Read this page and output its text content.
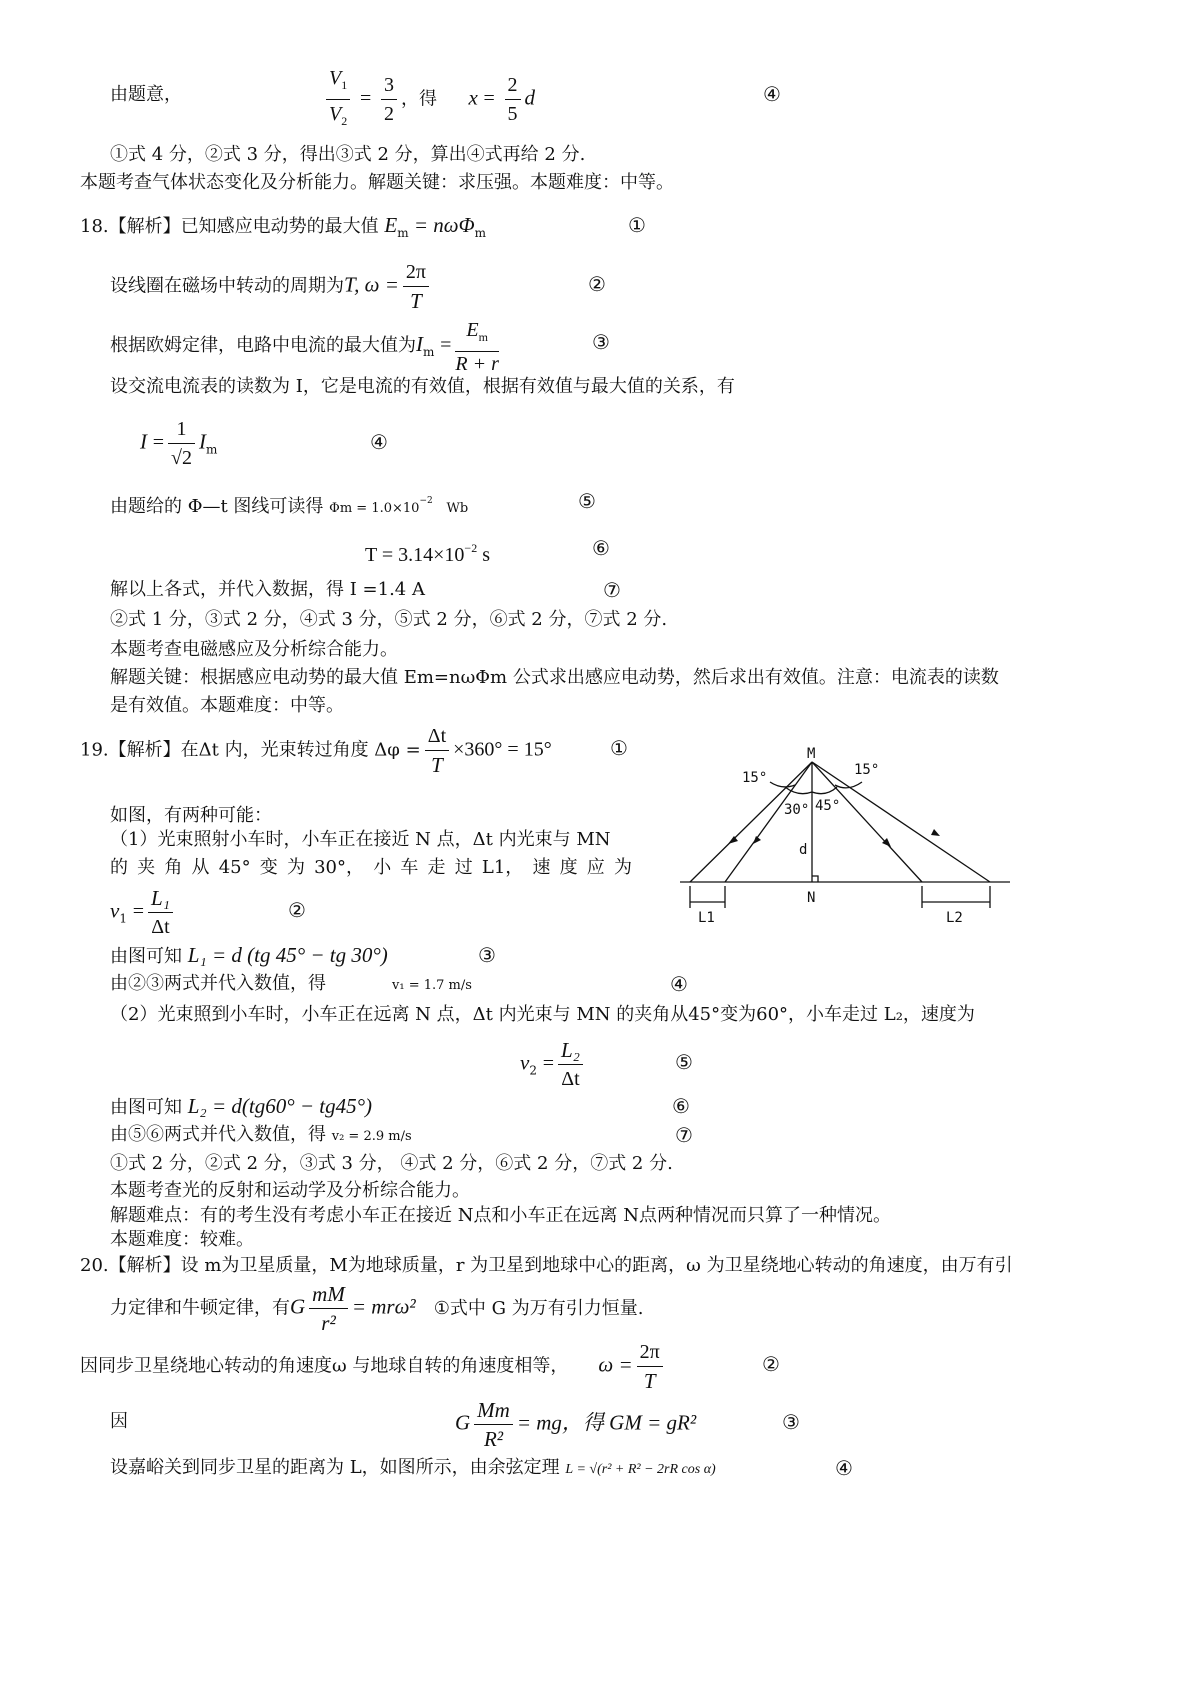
由题意，	$\frac{V_1}{V_2} = \frac{3}{2}$ ，得 $x = \frac{2}{5}$ d	④
①式 4 分，②式 3 分，得出③式 2 分，算出④式再给 2 分.
本题考查气体状态变化及分析能力。解题关键：求压强。本题难度：中等。
18.【解析】已知感应电动势的最大值 $E_m = n\omega\Phi_m$	①
设线圈在磁场中转动的周期为T, $\omega = \frac{2\pi}{T}$	②
根据欧姆定律，电路中电流的最大值为$I_m = \frac{E_m}{R + r}$	③
设交流电流表的读数为 I，它是电流的有效值，根据有效值与最大值的关系，有
$I = \frac{1}{√2} I_m$	④
由题给的 Φ—t 图线可读得 $\Phi m = 1.0\times 10^{-2}$ Wb	⑤
$T = 3.14\times 10^{-2}$ s	⑥
解以上各式，并代入数据，得 I =1.4 A	⑦
②式 1 分，③式 2 分，④式 3 分，⑤式 2 分，⑥式 2 分，⑦式 2 分.
本题考查电磁感应及分析综合能力。
解题关键：根据感应电动势的最大值 Em=nωΦm 公式求出感应电动势，然后求出有效值。注意：电流表的读数
是有效值。本题难度：中等。
19.【解析】在Δt 内，光束转过角度 $\Delta\varphi = \frac{\Delta t}{T} \times 360^\circ = 15^\circ$	①
如图，有两种可能：
（1）光束照射小车时，小车正在接近 N 点，Δt 内光束与 MN
的 夹 角 从 45° 变 为 30°， 小 车 走 过 L1， 速 度 应 为
$v_1 = \frac{\text{L₁}}{\Delta t}$	②
由图可知 L₁ = d (tg 45° − tg 30°)	③
由②③两式并代入数值，得	v₁ = 1.7 m/s	④
（2）光束照到小车时，小车正在远离 N 点，Δt 内光束与 MN 的夹角从45°变为60°，小车走过 L₂，速度为
$v_2 = \frac{\text{L₂}}{\Delta t}$	⑤
由图可知 L₂ = d(tg60° − tg45°)	⑥
由⑤⑥两式并代入数值，得 v₂ = 2.9 m/s	⑦
①式 2 分，②式 2 分，③式 3 分， ④式 2 分，⑥式 2 分，⑦式 2 分.
本题考查光的反射和运动学及分析综合能力。
解题难点：有的考生没有考虑小车正在接近 N点和小车正在远离 N点两种情况而只算了一种情况。
本题难度：较难。
M
N
d
15°	15°
30° 45°
L1	L2
20.【解析】设 m为卫星质量，M为地球质量，r 为卫星到地球中心的距离，ω 为卫星绕地心转动的角速度，由万有引
力定律和牛顿定律，有G $\frac{mM}{\text{r²}} = mr\omega^2$ ①式中 G 为万有引力恒量.
因同步卫星绕地心转动的角速度ω 与地球自转的角速度相等， $\omega = \frac{2\pi}{T}$	②
因	G $\frac{Mm}{\text{R²}}$ = mg，得 GM = gR²	③
设嘉峪关到同步卫星的距离为 L，如图所示，由余弦定理 L = √(r² + R² − 2rR cos α)	④
